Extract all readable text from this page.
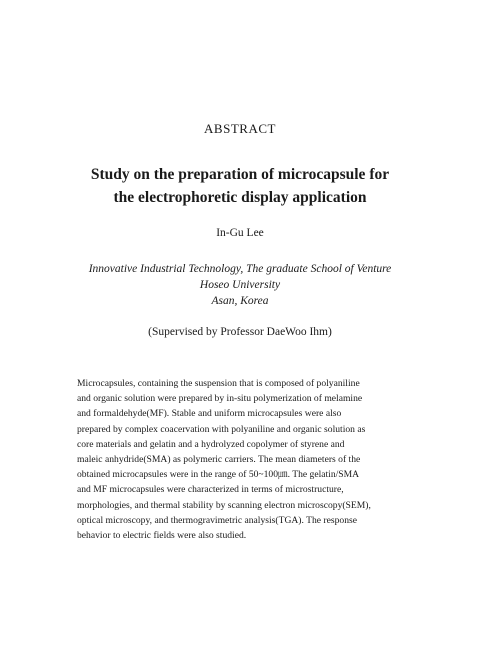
ABSTRACT
Study on the preparation of microcapsule for
the electrophoretic display application
In-Gu Lee
Innovative Industrial Technology, The graduate School of Venture
Hoseo University
Asan, Korea
(Supervised by Professor DaeWoo Ihm)
Microcapsules, containing the suspension that is composed of polyaniline
and organic solution were prepared by in-situ polymerization of melamine
and formaldehyde(MF). Stable and uniform microcapsules were also
prepared by complex coacervation with polyaniline and organic solution as
core materials and gelatin and a hydrolyzed copolymer of styrene and
maleic anhydride(SMA) as polymeric carriers. The mean diameters of the
obtained microcapsules were in the range of 50~100㎛. The gelatin/SMA
and MF microcapsules were characterized in terms of microstructure,
morphologies, and thermal stability by scanning electron microscopy(SEM),
optical microscopy, and thermogravimetric analysis(TGA). The response
behavior to electric fields were also studied.
